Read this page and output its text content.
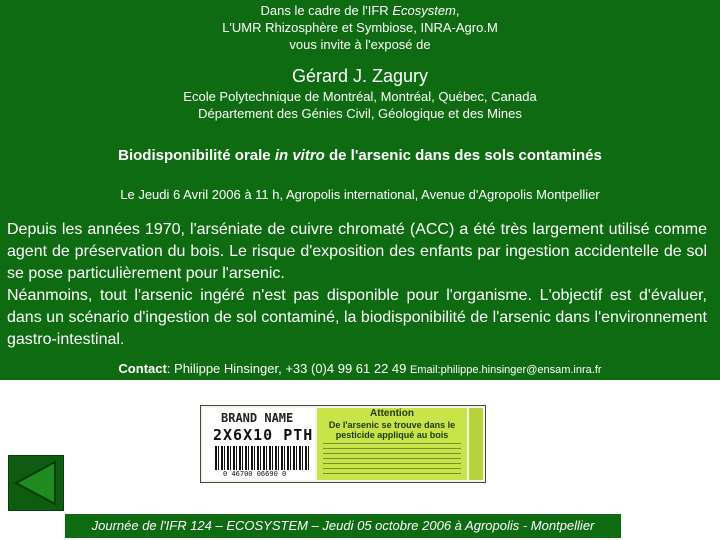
Dans le cadre de l'IFR Ecosystem,
L'UMR Rhizosphère et Symbiose, INRA-Agro.M
vous invite à l'exposé de
Gérard J. Zagury
Ecole Polytechnique de Montréal, Montréal, Québec, Canada
Département des Génies Civil, Géologique et des Mines
Biodisponibilité orale in vitro de l'arsenic dans des sols contaminés
Le Jeudi 6 Avril 2006 à 11 h, Agropolis international, Avenue d'Agropolis Montpellier

Depuis les années 1970, l'arséniate de cuivre chromaté (ACC) a été très largement utilisé comme agent de préservation du bois. Le risque d'exposition des enfants par ingestion accidentelle de sol se pose particulièrement pour l'arsenic.

Néanmoins, tout l'arsenic ingéré n'est pas disponible pour l'organisme. L'objectif est d'évaluer, dans un scénario d'ingestion de sol contaminé, la biodisponibilité de l'arsenic dans l'environnement gastro-intestinal.

Contact: Philippe Hinsinger, +33 (0)4 99 61 22 49 Email:philippe.hinsinger@ensam.inra.fr
BRAND NAME
2X6X10 PTH
0 46700 06690 0
Attention
De l'arsenic se trouve dans le pesticide appliqué au bois
Journée de l'IFR 124 – ECOSYSTEM – Jeudi 05 octobre 2006 à Agropolis - Montpellier
